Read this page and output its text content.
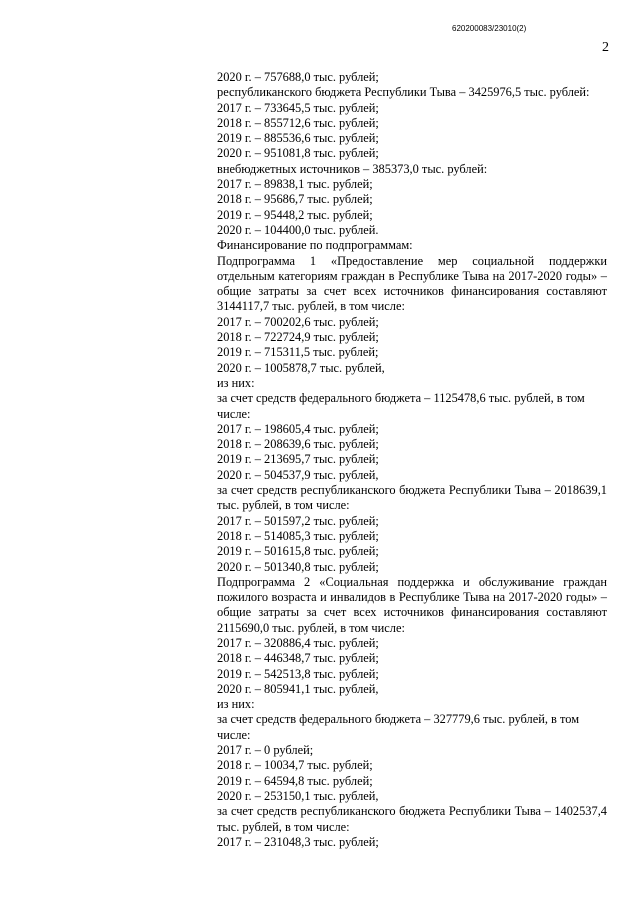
620200083/23010(2)
2
2020 г. – 757688,0 тыс. рублей;
республиканского бюджета Республики Тыва – 3425976,5 тыс. рублей:
2017 г. – 733645,5 тыс. рублей;
2018 г. – 855712,6 тыс. рублей;
2019 г. – 885536,6 тыс. рублей;
2020 г. – 951081,8 тыс. рублей;
внебюджетных источников – 385373,0 тыс. рублей:
2017 г. – 89838,1 тыс. рублей;
2018 г. – 95686,7 тыс. рублей;
2019 г. – 95448,2 тыс. рублей;
2020 г. – 104400,0 тыс. рублей.
Финансирование по подпрограммам:
Подпрограмма 1 «Предоставление мер социальной поддержки отдельным категориям граждан в Республике Тыва на 2017-2020 годы» – общие затраты за счет всех источников финансирования составляют 3144117,7 тыс. рублей, в том числе:
2017 г. – 700202,6 тыс. рублей;
2018 г. – 722724,9 тыс. рублей;
2019 г. – 715311,5 тыс. рублей;
2020 г. – 1005878,7 тыс. рублей,
из них:
за счет средств федерального бюджета – 1125478,6 тыс. рублей, в том числе:
2017 г. – 198605,4 тыс. рублей;
2018 г. – 208639,6 тыс. рублей;
2019 г. – 213695,7 тыс. рублей;
2020 г. – 504537,9 тыс. рублей,
за счет средств республиканского бюджета Республики Тыва – 2018639,1 тыс. рублей, в том числе:
2017 г. – 501597,2 тыс. рублей;
2018 г. – 514085,3 тыс. рублей;
2019 г. – 501615,8 тыс. рублей;
2020 г. – 501340,8 тыс. рублей;
Подпрограмма 2 «Социальная поддержка и обслуживание граждан пожилого возраста и инвалидов в Республике Тыва на 2017-2020 годы» – общие затраты за счет всех источников финансирования составляют 2115690,0 тыс. рублей, в том числе:
2017 г. – 320886,4 тыс. рублей;
2018 г. – 446348,7 тыс. рублей;
2019 г. – 542513,8 тыс. рублей;
2020 г. – 805941,1 тыс. рублей,
из них:
за счет средств федерального бюджета – 327779,6 тыс. рублей, в том числе:
2017 г. – 0 рублей;
2018 г. – 10034,7 тыс. рублей;
2019 г. – 64594,8 тыс. рублей;
2020 г. – 253150,1 тыс. рублей,
за счет средств республиканского бюджета Республики Тыва – 1402537,4 тыс. рублей, в том числе:
2017 г. – 231048,3 тыс. рублей;
